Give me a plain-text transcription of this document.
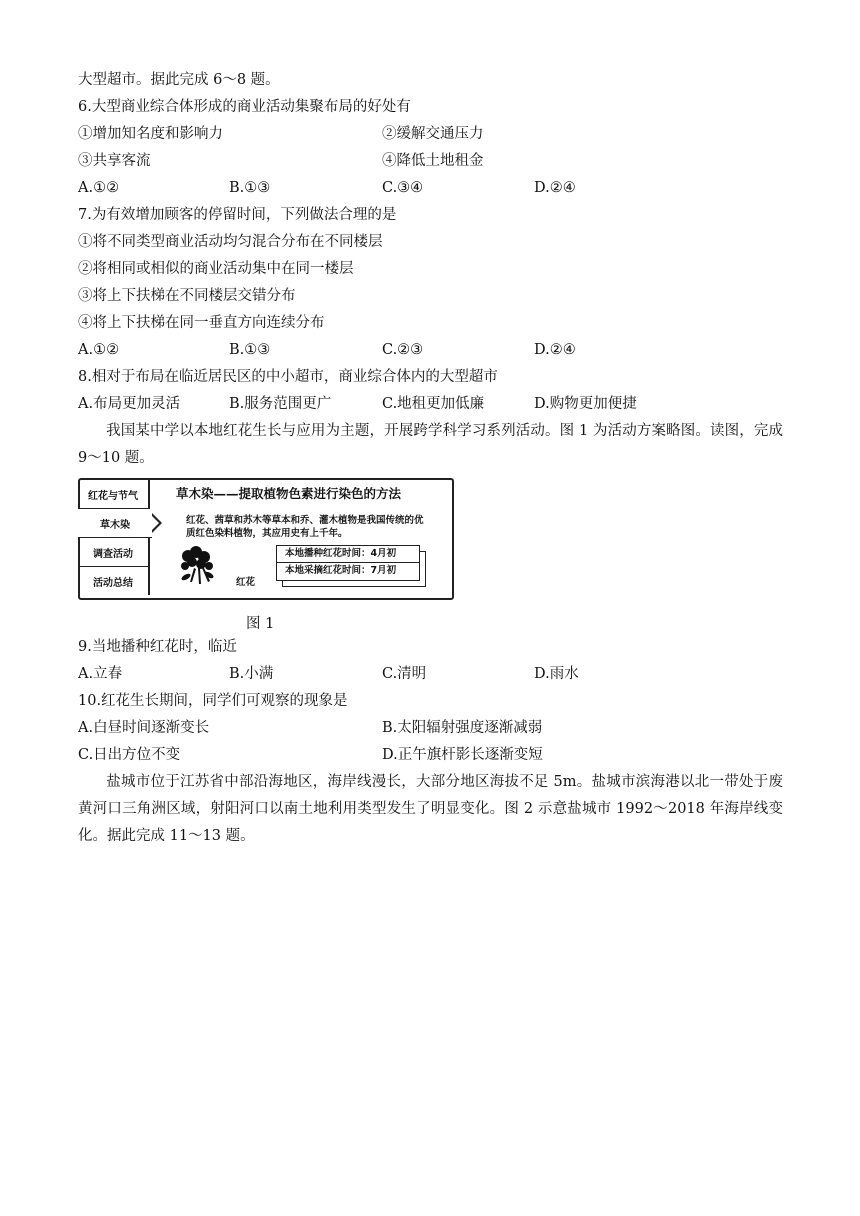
大型超市。据此完成 6～8 题。
6.大型商业综合体形成的商业活动集聚布局的好处有
①增加知名度和影响力	②缓解交通压力
③共享客流	④降低土地租金
A.①②	B.①③	C.③④	D.②④
7.为有效增加顾客的停留时间，下列做法合理的是
①将不同类型商业活动均匀混合分布在不同楼层
②将相同或相似的商业活动集中在同一楼层
③将上下扶梯在不同楼层交错分布
④将上下扶梯在同一垂直方向连续分布
A.①②	B.①③	C.②③	D.②④
8.相对于布局在临近居民区的中小超市，商业综合体内的大型超市
A.布局更加灵活	B.服务范围更广	C.地租更加低廉	D.购物更加便捷
我国某中学以本地红花生长与应用为主题，开展跨学科学习系列活动。图 1 为活动方案略图。读图，完成 9～10 题。
红花与节气
草木染
调查活动
活动总结
草木染——提取植物色素进行染色的方法
红花、茜草和苏木等草本和乔、灌木植物是我国传统的优质红色染料植物，其应用史有上千年。
本地播种红花时间：4月初
本地采摘红花时间：7月初
红花
图 1
9.当地播种红花时，临近
A.立春	B.小满	C.清明	D.雨水
10.红花生长期间，同学们可观察的现象是
A.白昼时间逐渐变长	B.太阳辐射强度逐渐减弱
C.日出方位不变	D.正午旗杆影长逐渐变短
盐城市位于江苏省中部沿海地区，海岸线漫长，大部分地区海拔不足 5m。盐城市滨海港以北一带处于废黄河口三角洲区域，射阳河口以南土地利用类型发生了明显变化。图 2 示意盐城市 1992～2018 年海岸线变化。据此完成 11～13 题。
